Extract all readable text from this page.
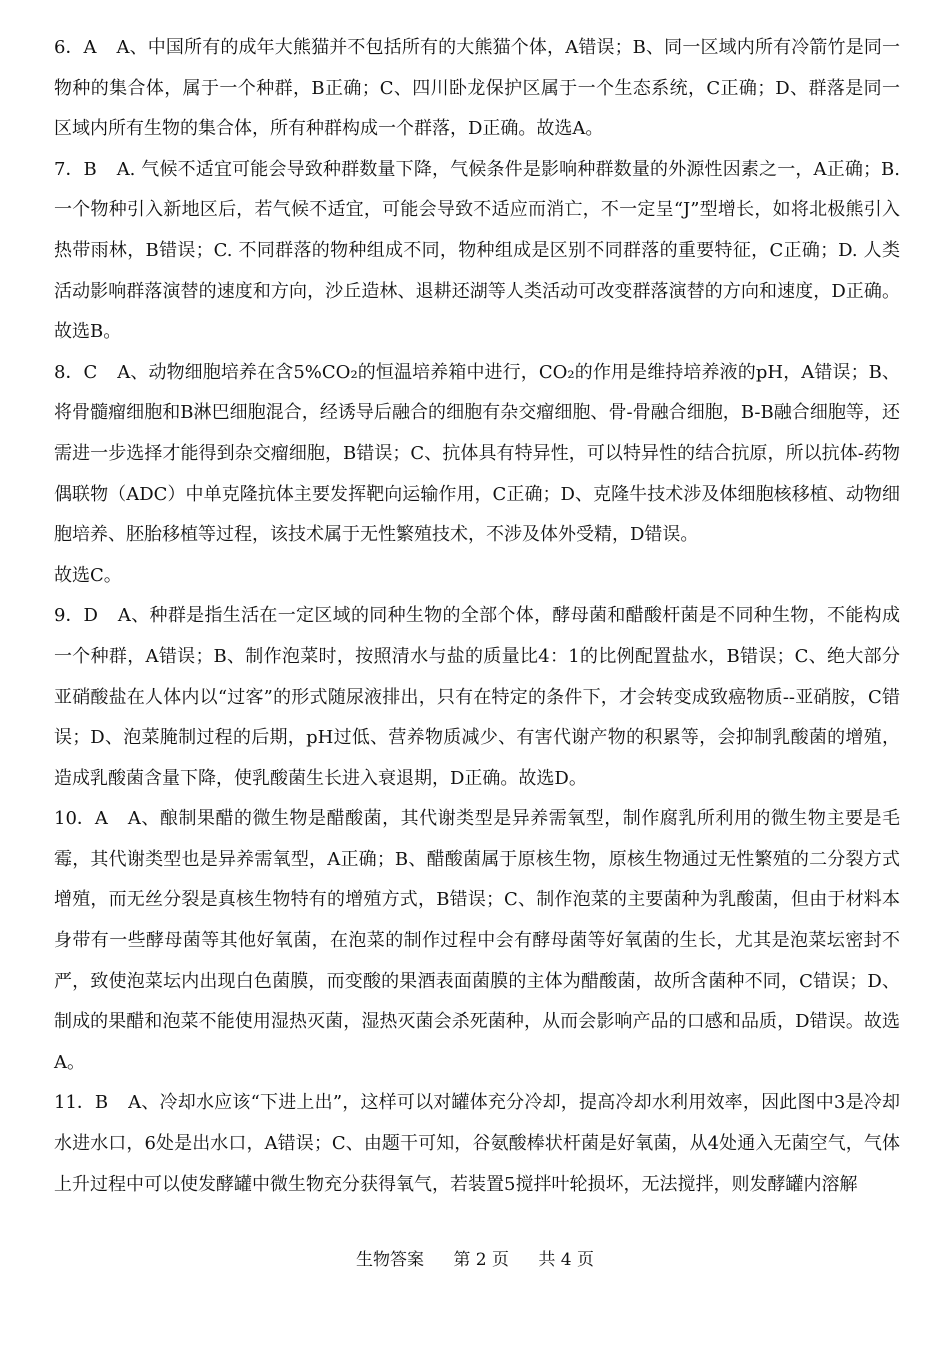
6．A A、中国所有的成年大熊猫并不包括所有的大熊猫个体，A错误；B、同一区域内所有冷箭竹是同一物种的集合体，属于一个种群，B正确；C、四川卧龙保护区属于一个生态系统，C正确；D、群落是同一区域内所有生物的集合体，所有种群构成一个群落，D正确。故选A。

7．B A. 气候不适宜可能会导致种群数量下降，气候条件是影响种群数量的外源性因素之一，A正确；B. 一个物种引入新地区后，若气候不适宜，可能会导致不适应而消亡，不一定呈“J”型增长，如将北极熊引入热带雨林，B错误；C. 不同群落的物种组成不同，物种组成是区别不同群落的重要特征，C正确；D. 人类活动影响群落演替的速度和方向，沙丘造林、退耕还湖等人类活动可改变群落演替的方向和速度，D正确。故选B。

8．C A、动物细胞培养在含5%CO₂的恒温培养箱中进行，CO₂的作用是维持培养液的pH，A错误；B、将骨髓瘤细胞和B淋巴细胞混合，经诱导后融合的细胞有杂交瘤细胞、骨-骨融合细胞，B-B融合细胞等，还需进一步选择才能得到杂交瘤细胞，B错误；C、抗体具有特异性，可以特异性的结合抗原，所以抗体-药物偶联物（ADC）中单克隆抗体主要发挥靶向运输作用，C正确；D、克隆牛技术涉及体细胞核移植、动物细胞培养、胚胎移植等过程，该技术属于无性繁殖技术，不涉及体外受精，D错误。

故选C。

9．D A、种群是指生活在一定区域的同种生物的全部个体，酵母菌和醋酸杆菌是不同种生物，不能构成一个种群，A错误；B、制作泡菜时，按照清水与盐的质量比4：1的比例配置盐水，B错误；C、绝大部分亚硝酸盐在人体内以“过客”的形式随尿液排出，只有在特定的条件下，才会转变成致癌物质--亚硝胺，C错误；D、泡菜腌制过程的后期，pH过低、营养物质减少、有害代谢产物的积累等，会抑制乳酸菌的增殖，造成乳酸菌含量下降，使乳酸菌生长进入衰退期，D正确。故选D。

10．A A、酿制果醋的微生物是醋酸菌，其代谢类型是异养需氧型，制作腐乳所利用的微生物主要是毛霉，其代谢类型也是异养需氧型，A正确；B、醋酸菌属于原核生物，原核生物通过无性繁殖的二分裂方式增殖，而无丝分裂是真核生物特有的增殖方式，B错误；C、制作泡菜的主要菌种为乳酸菌，但由于材料本身带有一些酵母菌等其他好氧菌，在泡菜的制作过程中会有酵母菌等好氧菌的生长，尤其是泡菜坛密封不严，致使泡菜坛内出现白色菌膜，而变酸的果酒表面菌膜的主体为醋酸菌，故所含菌种不同，C错误；D、制成的果醋和泡菜不能使用湿热灭菌，湿热灭菌会杀死菌种，从而会影响产品的口感和品质，D错误。故选A。

11．B A、冷却水应该“下进上出”，这样可以对罐体充分冷却，提高冷却水利用效率，因此图中3是冷却水进水口，6处是出水口，A错误；C、由题干可知，谷氨酸棒状杆菌是好氧菌，从4处通入无菌空气，气体上升过程中可以使发酵罐中微生物充分获得氧气，若装置5搅拌叶轮损坏，无法搅拌，则发酵罐内溶解

生物答案 第 2 页 共 4 页
